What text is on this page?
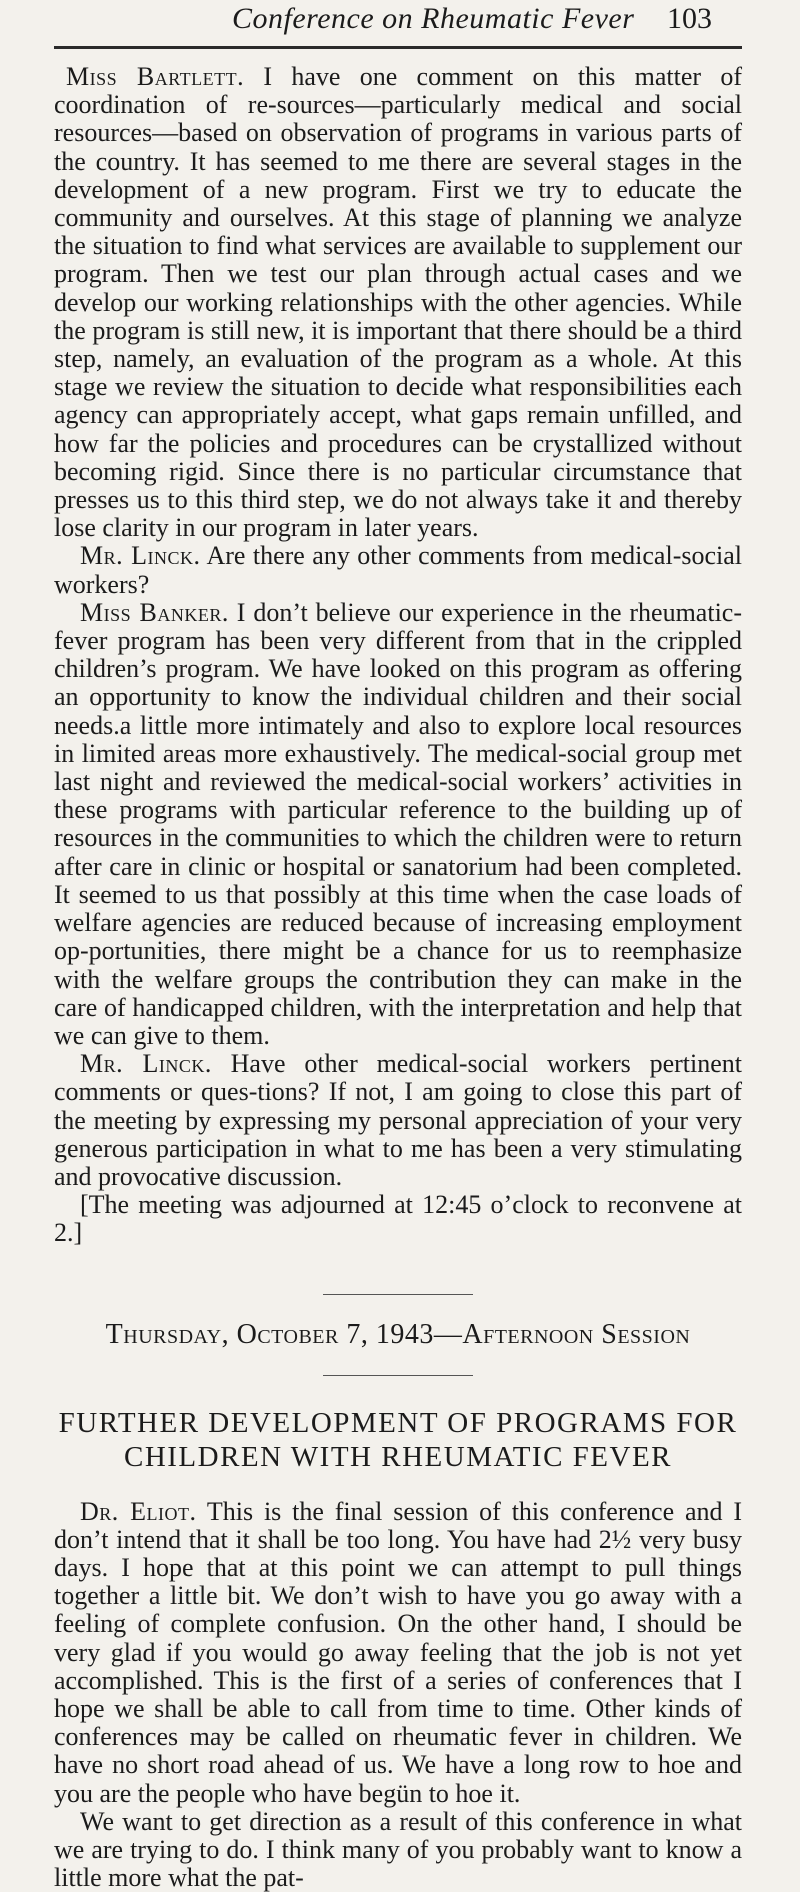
Conference on Rheumatic Fever 103

Miss Bartlett. I have one comment on this matter of coordination of re-sources—particularly medical and social resources—based on observation of programs in various parts of the country. It has seemed to me there are several stages in the development of a new program. First we try to educate the community and ourselves. At this stage of planning we analyze the situation to find what services are available to supplement our program. Then we test our plan through actual cases and we develop our working relationships with the other agencies. While the program is still new, it is important that there should be a third step, namely, an evaluation of the program as a whole. At this stage we review the situation to decide what responsibilities each agency can appropriately accept, what gaps remain unfilled, and how far the policies and procedures can be crystallized without becoming rigid. Since there is no particular circumstance that presses us to this third step, we do not always take it and thereby lose clarity in our program in later years.

Mr. Linck. Are there any other comments from medical-social workers?

Miss Banker. I don’t believe our experience in the rheumatic-fever program has been very different from that in the crippled children’s program. We have looked on this program as offering an opportunity to know the individual children and their social needs.a little more intimately and also to explore local resources in limited areas more exhaustively. The medical-social group met last night and reviewed the medical-social workers’ activities in these programs with particular reference to the building up of resources in the communities to which the children were to return after care in clinic or hospital or sanatorium had been completed. It seemed to us that possibly at this time when the case loads of welfare agencies are reduced because of increasing employment op-portunities, there might be a chance for us to reemphasize with the welfare groups the contribution they can make in the care of handicapped children, with the interpretation and help that we can give to them.

Mr. Linck. Have other medical-social workers pertinent comments or ques-tions? If not, I am going to close this part of the meeting by expressing my personal appreciation of your very generous participation in what to me has been a very stimulating and provocative discussion.

[The meeting was adjourned at 12:45 o’clock to reconvene at 2.]

Thursday, October 7, 1943—Afternoon Session
FURTHER DEVELOPMENT OF PROGRAMS FOR
CHILDREN WITH RHEUMATIC FEVER

Dr. Eliot. This is the final session of this conference and I don’t intend that it shall be too long. You have had 2½ very busy days. I hope that at this point we can attempt to pull things together a little bit. We don’t wish to have you go away with a feeling of complete confusion. On the other hand, I should be very glad if you would go away feeling that the job is not yet accomplished. This is the first of a series of conferences that I hope we shall be able to call from time to time. Other kinds of conferences may be called on rheumatic fever in children. We have no short road ahead of us. We have a long row to hoe and you are the people who have begün to hoe it.

We want to get direction as a result of this conference in what we are trying to do. I think many of you probably want to know a little more what the pat-
